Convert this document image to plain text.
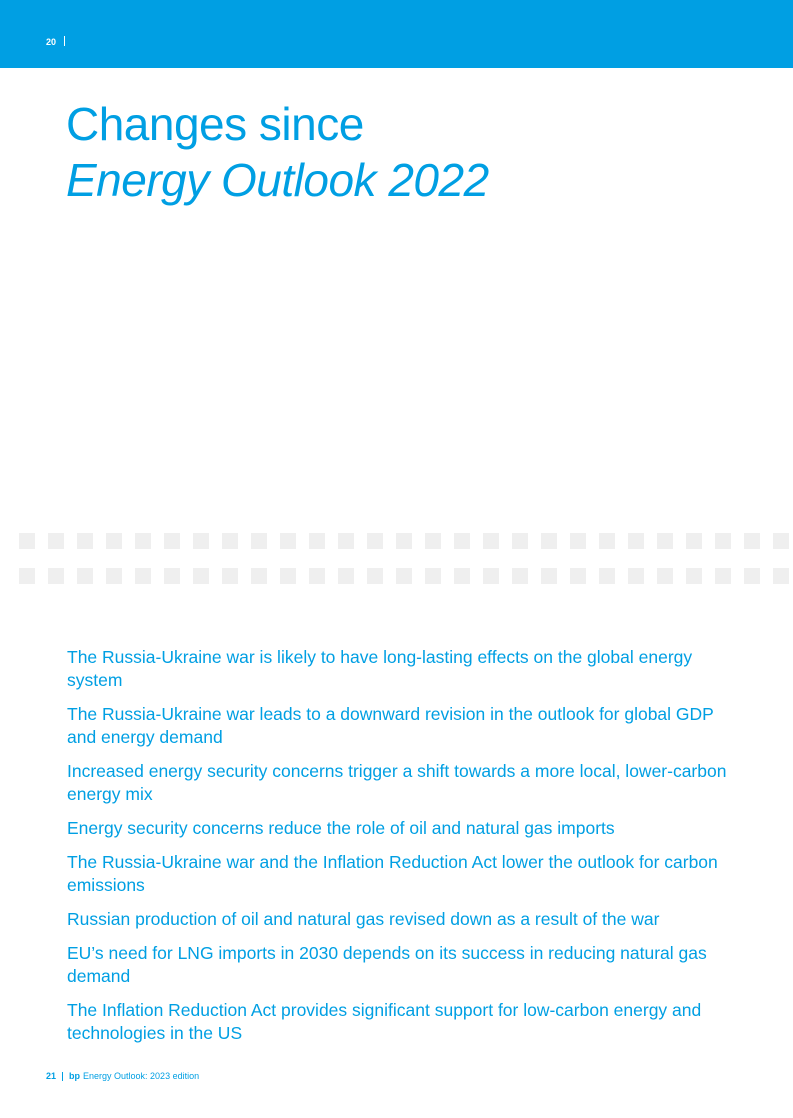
20
Changes since
Energy Outlook 2022
The Russia-Ukraine war is likely to have long-lasting effects on the global energy system
The Russia-Ukraine war leads to a downward revision in the outlook for global GDP and energy demand
Increased energy security concerns trigger a shift towards a more local, lower-carbon energy mix
Energy security concerns reduce the role of oil and natural gas imports
The Russia-Ukraine war and the Inflation Reduction Act lower the outlook for carbon emissions
Russian production of oil and natural gas revised down as a result of the war
EU’s need for LNG imports in 2030 depends on its success in reducing natural gas demand
The Inflation Reduction Act provides significant support for low-carbon energy and technologies in the US
21 bp Energy Outlook: 2023 edition
